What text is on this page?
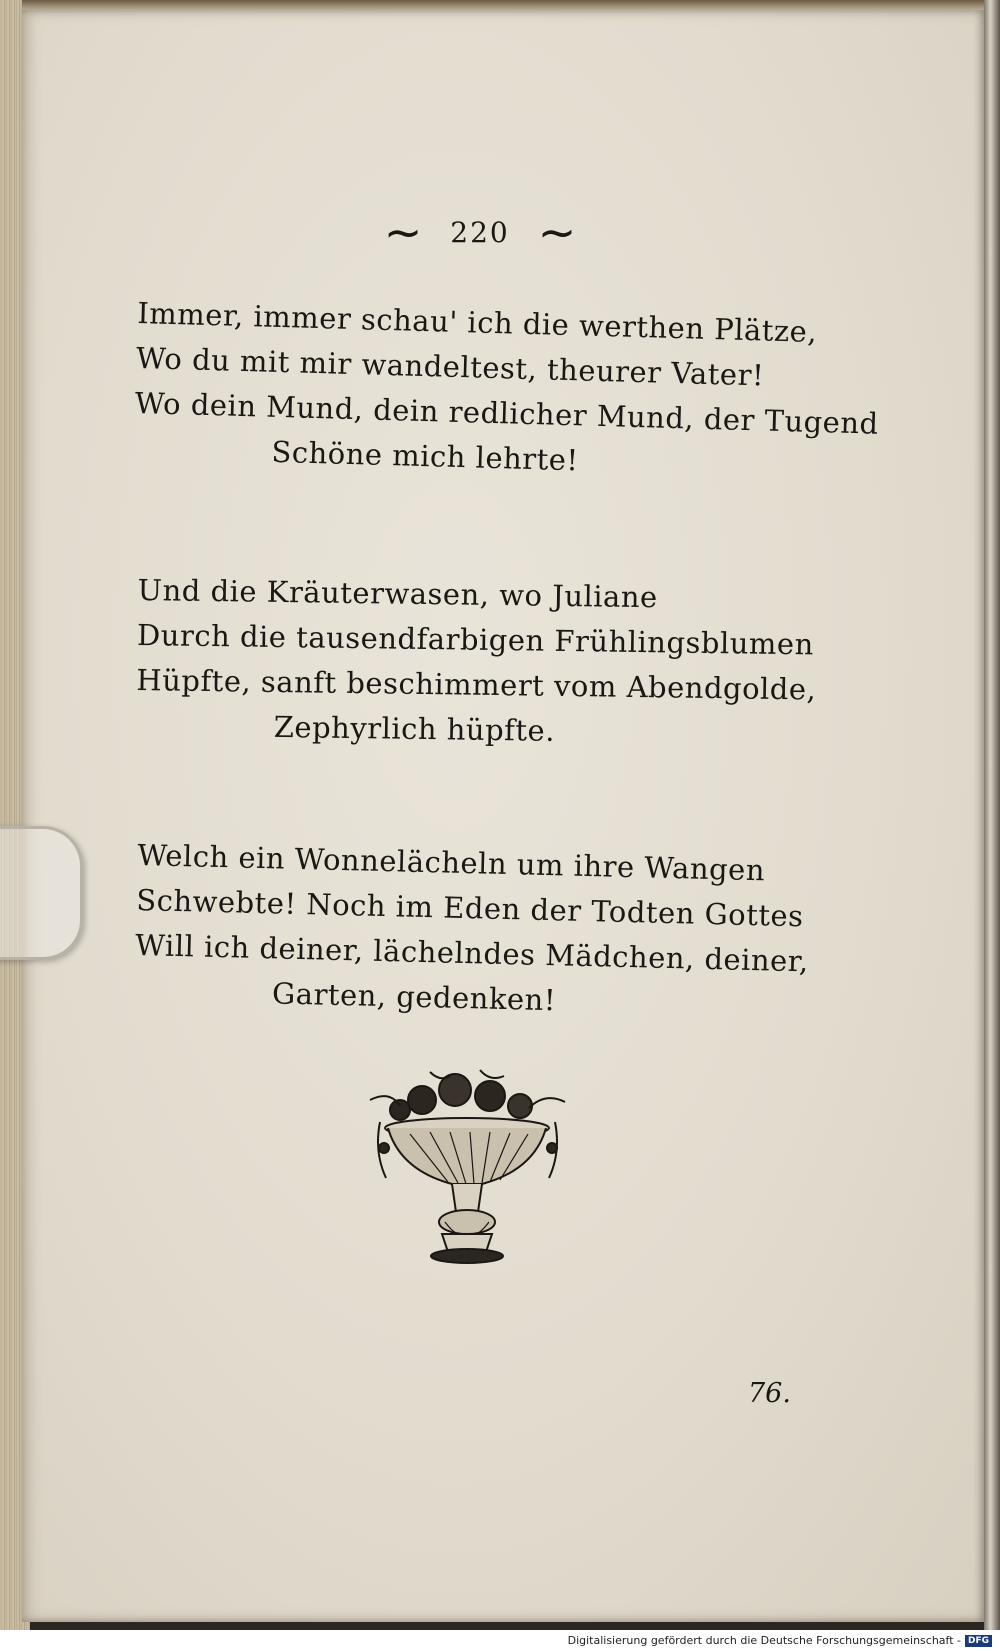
~ 220 ~
Immer, immer schau' ich die werthen Plätze,
Wo du mit mir wandeltest, theurer Vater!
Wo dein Mund, dein redlicher Mund, der Tugend
Schöne mich lehrte!
Und die Kräuterwasen, wo Juliane
Durch die tausendfarbigen Frühlingsblumen
Hüpfte, sanft beschimmert vom Abendgolde,
Zephyrlich hüpfte.
Welch ein Wonnelächeln um ihre Wangen
Schwebte! Noch im Eden der Todten Gottes
Will ich deiner, lächelndes Mädchen, deiner,
Garten, gedenken!
76.
Digitalisierung gefördert durch die Deutsche Forschungsgemeinschaft - DFG
